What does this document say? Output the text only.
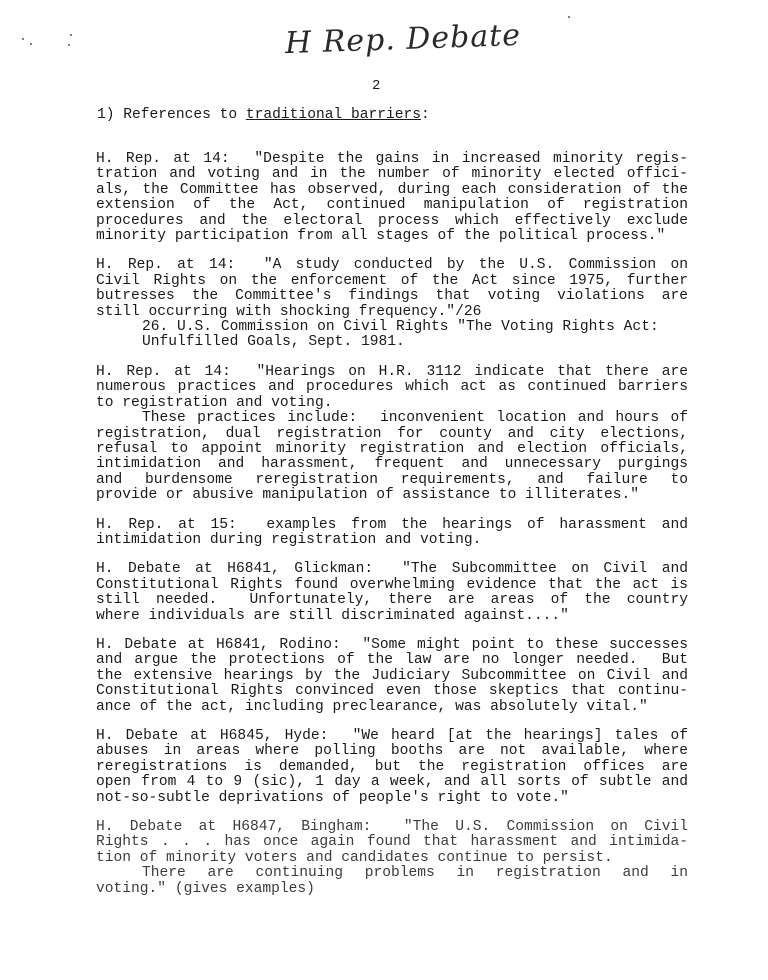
H Rep. Debate
2
1) References to traditional barriers:
H. Rep. at 14:  "Despite the gains in increased minority regis-
tration and voting and in the number of minority elected offici-
als, the Committee has observed, during each consideration of the
extension of the Act, continued manipulation of registration
procedures and the electoral process which effectively exclude
minority participation from all stages of the political process."
H. Rep. at 14:  "A study conducted by the U.S. Commission on
Civil Rights on the enforcement of the Act since 1975, further
butresses the Committee's findings that voting violations are
still occurring with shocking frequency."/26
26. U.S. Commission on Civil Rights "The Voting Rights Act:
Unfulfilled Goals, Sept. 1981.
H. Rep. at 14:  "Hearings on H.R. 3112 indicate that there are
numerous practices and procedures which act as continued barriers
to registration and voting.
These practices include:  inconvenient location and hours of
registration, dual registration for county and city elections,
refusal to appoint minority registration and election officials,
intimidation and harassment, frequent and unnecessary purgings
and burdensome reregistration requirements, and failure to
provide or abusive manipulation of assistance to illiterates."
H. Rep. at 15:  examples from the hearings of harassment and
intimidation during registration and voting.
H. Debate at H6841, Glickman:  "The Subcommittee on Civil and
Constitutional Rights found overwhelming evidence that the act is
still needed.  Unfortunately, there are areas of the country
where individuals are still discriminated against...."
H. Debate at H6841, Rodino:  "Some might point to these successes
and argue the protections of the law are no longer needed.  But
the extensive hearings by the Judiciary Subcommittee on Civil and
Constitutional Rights convinced even those skeptics that continu-
ance of the act, including preclearance, was absolutely vital."
H. Debate at H6845, Hyde:  "We heard [at the hearings] tales of
abuses in areas where polling booths are not available, where
reregistrations is demanded, but the registration offices are
open from 4 to 9 (sic), 1 day a week, and all sorts of subtle and
not-so-subtle deprivations of people's right to vote."
H. Debate at H6847, Bingham:  "The U.S. Commission on Civil
Rights . . . has once again found that harassment and intimida-
tion of minority voters and candidates continue to persist.
There are continuing problems in registration and in
voting." (gives examples)
